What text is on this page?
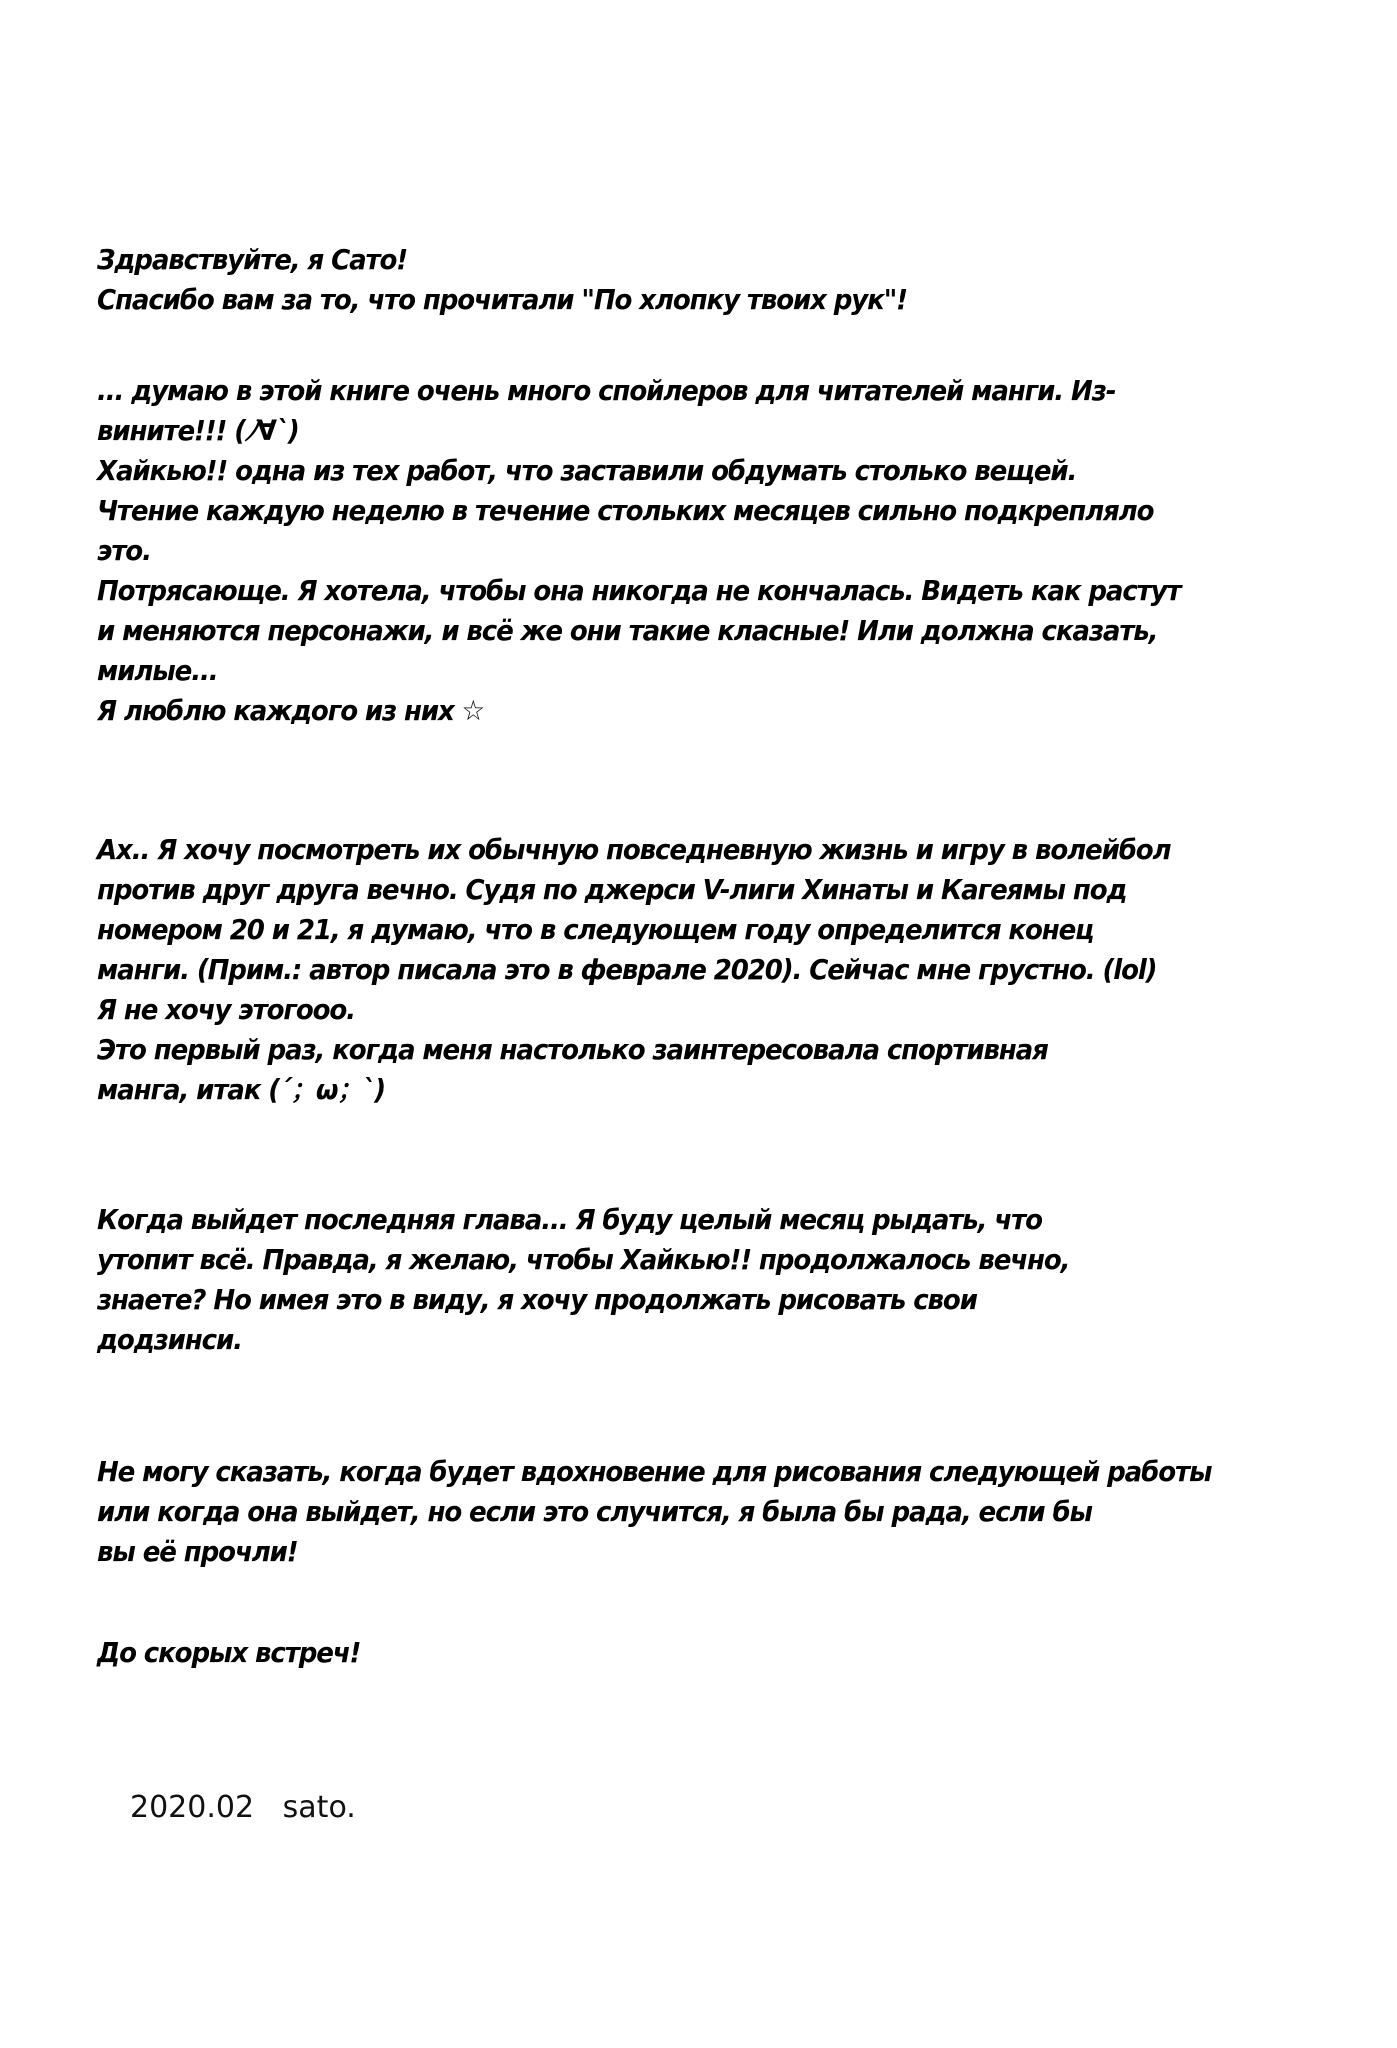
Здравствуйте, я Сато!
Спасибо вам за то, что прочитали "По хлопку твоих рук"!
... думаю в этой книге очень много спойлеров для читателей манги. Из-
вините!!! (ﾉ∀`)
Хайкью!! одна из тех работ, что заставили обдумать столько вещей.
Чтение каждую неделю в течение стольких месяцев сильно подкрепляло
это.
Потрясающе. Я хотела, чтобы она никогда не кончалась. Видеть как растут
и меняются персонажи, и всё же они такие класные! Или должна сказать,
милые...
Я люблю каждого из них ☆
Ах.. Я хочу посмотреть их обычную повседневную жизнь и игру в волейбол
против друг друга вечно. Судя по джерси V-лиги Хинаты и Кагеямы под
номером 20 и 21, я думаю, что в следующем году определится конец
манги. (Прим.: автор писала это в феврале 2020). Сейчас мне грустно. (lol)
Я не хочу этогооо.
Это первый раз, когда меня настолько заинтересовала спортивная
манга, итак (´；ω；`)
Когда выйдет последняя глава... Я буду целый месяц рыдать, что
утопит всё. Правда, я желаю, чтобы Хайкью!! продолжалось вечно,
знаете? Но имея это в виду, я хочу продолжать рисовать свои
додзинси.
Не могу сказать, когда будет вдохновение для рисования следующей работы
или когда она выйдет, но если это случится, я была бы рада, если бы
вы её прочли!
До скорых встреч!
2020.02 sato.
